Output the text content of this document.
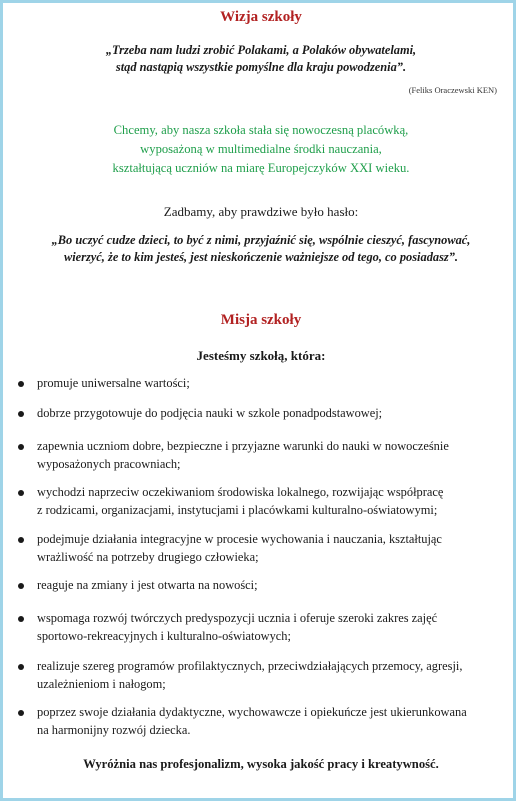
Wizja szkoły
„Trzeba nam ludzi zrobić Polakami, a Polaków obywatelami,
stąd nastąpią wszystkie pomyślne dla kraju powodzenia”.
(Feliks Oraczewski KEN)
Chcemy, aby nasza szkoła stała się nowoczesną placówką,
wyposażoną w multimedialne środki nauczania,
kształtującą uczniów na miarę Europejczyków XXI wieku.
Zadbamy, aby prawdziwe było hasło:
„Bo uczyć cudze dzieci, to być z nimi, przyjaźnić się, wspólnie cieszyć, fascynować,
wierzyć, że to kim jesteś, jest nieskończenie ważniejsze od tego, co posiadasz”.
Misja szkoły
Jesteśmy szkołą, która:
promuje uniwersalne wartości;
dobrze przygotowuje do podjęcia nauki w szkole ponadpodstawowej;
zapewnia uczniom dobre, bezpieczne i przyjazne warunki do nauki w nowocześnie
wyposażonych pracowniach;
wychodzi naprzeciw oczekiwaniom środowiska lokalnego, rozwijając współpracę
z rodzicami, organizacjami, instytucjami i placówkami kulturalno-oświatowymi;
podejmuje działania integracyjne w procesie wychowania i nauczania, kształtując
wrażliwość na potrzeby drugiego człowieka;
reaguje na zmiany i jest otwarta na nowości;
wspomaga rozwój twórczych predyspozycji ucznia i oferuje szeroki zakres zajęć
sportowo-rekreacyjnych i kulturalno-oświatowych;
realizuje szereg programów profilaktycznych, przeciwdziałających przemocy, agresji,
uzależnieniom i nałogom;
poprzez swoje działania dydaktyczne, wychowawcze i opiekuńcze jest ukierunkowana
na harmonijny rozwój dziecka.
Wyróżnia nas profesjonalizm, wysoka jakość pracy i kreatywność.
